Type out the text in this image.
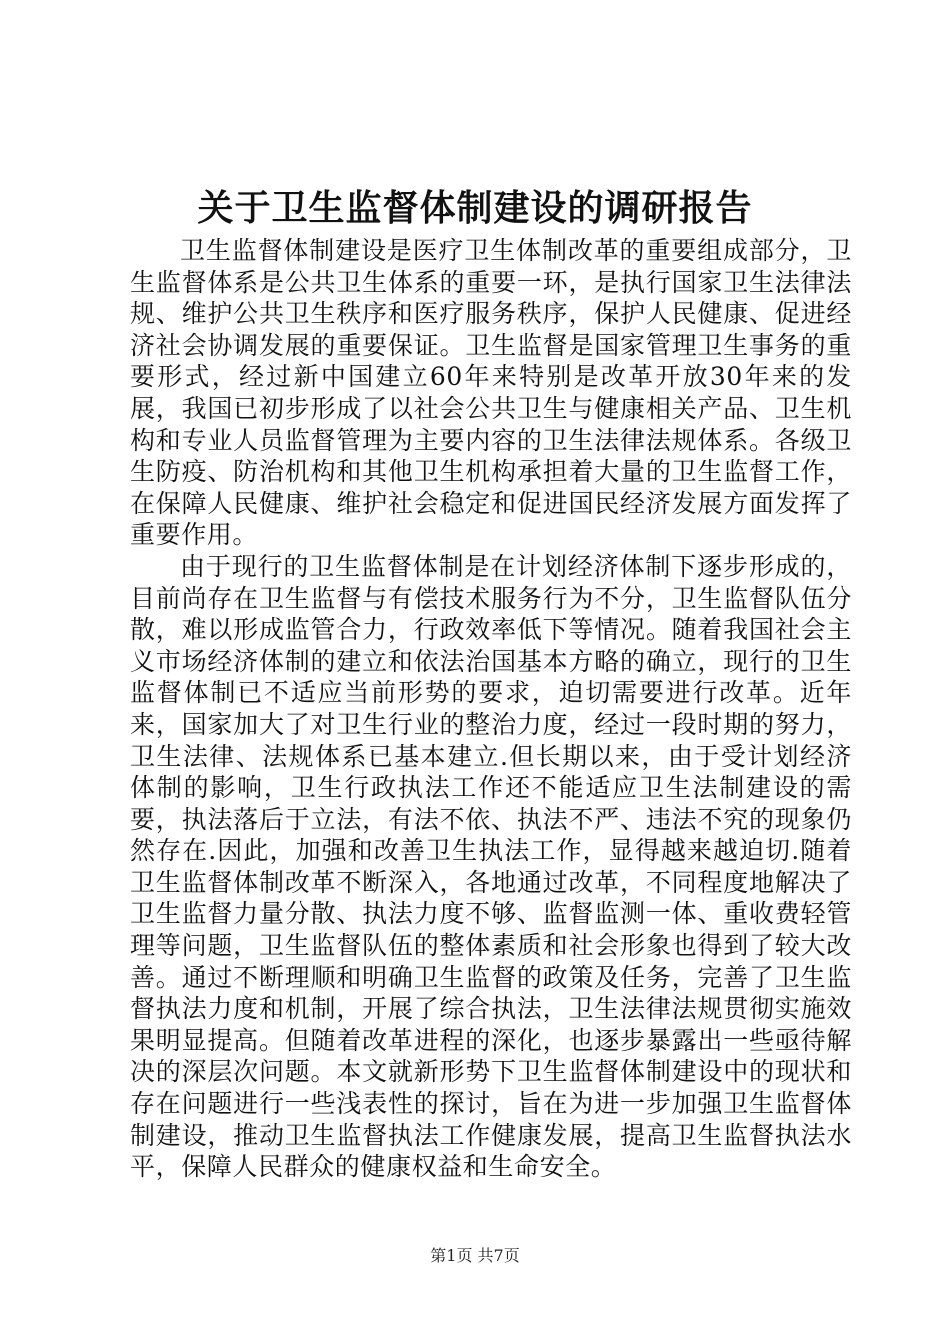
关于卫生监督体制建设的调研报告

卫生监督体制建设是医疗卫生体制改革的重要组成部分，卫生监督体系是公共卫生体系的重要一环，是执行国家卫生法律法规、维护公共卫生秩序和医疗服务秩序，保护人民健康、促进经济社会协调发展的重要保证。卫生监督是国家管理卫生事务的重要形式，经过新中国建立60年来特别是改革开放30年来的发展，我国已初步形成了以社会公共卫生与健康相关产品、卫生机构和专业人员监督管理为主要内容的卫生法律法规体系。各级卫生防疫、防治机构和其他卫生机构承担着大量的卫生监督工作，在保障人民健康、维护社会稳定和促进国民经济发展方面发挥了重要作用。

由于现行的卫生监督体制是在计划经济体制下逐步形成的，目前尚存在卫生监督与有偿技术服务行为不分，卫生监督队伍分散，难以形成监管合力，行政效率低下等情况。随着我国社会主义市场经济体制的建立和依法治国基本方略的确立，现行的卫生监督体制已不适应当前形势的要求，迫切需要进行改革。近年来，国家加大了对卫生行业的整治力度，经过一段时期的努力，卫生法律、法规体系已基本建立.但长期以来，由于受计划经济体制的影响，卫生行政执法工作还不能适应卫生法制建设的需要，执法落后于立法，有法不依、执法不严、违法不究的现象仍然存在.因此，加强和改善卫生执法工作，显得越来越迫切.随着卫生监督体制改革不断深入，各地通过改革，不同程度地解决了卫生监督力量分散、执法力度不够、监督监测一体、重收费轻管理等问题，卫生监督队伍的整体素质和社会形象也得到了较大改善。通过不断理顺和明确卫生监督的政策及任务，完善了卫生监督执法力度和机制，开展了综合执法，卫生法律法规贯彻实施效果明显提高。但随着改革进程的深化，也逐步暴露出一些亟待解决的深层次问题。本文就新形势下卫生监督体制建设中的现状和存在问题进行一些浅表性的探讨，旨在为进一步加强卫生监督体制建设，推动卫生监督执法工作健康发展，提高卫生监督执法水平，保障人民群众的健康权益和生命安全。

第1页 共7页
